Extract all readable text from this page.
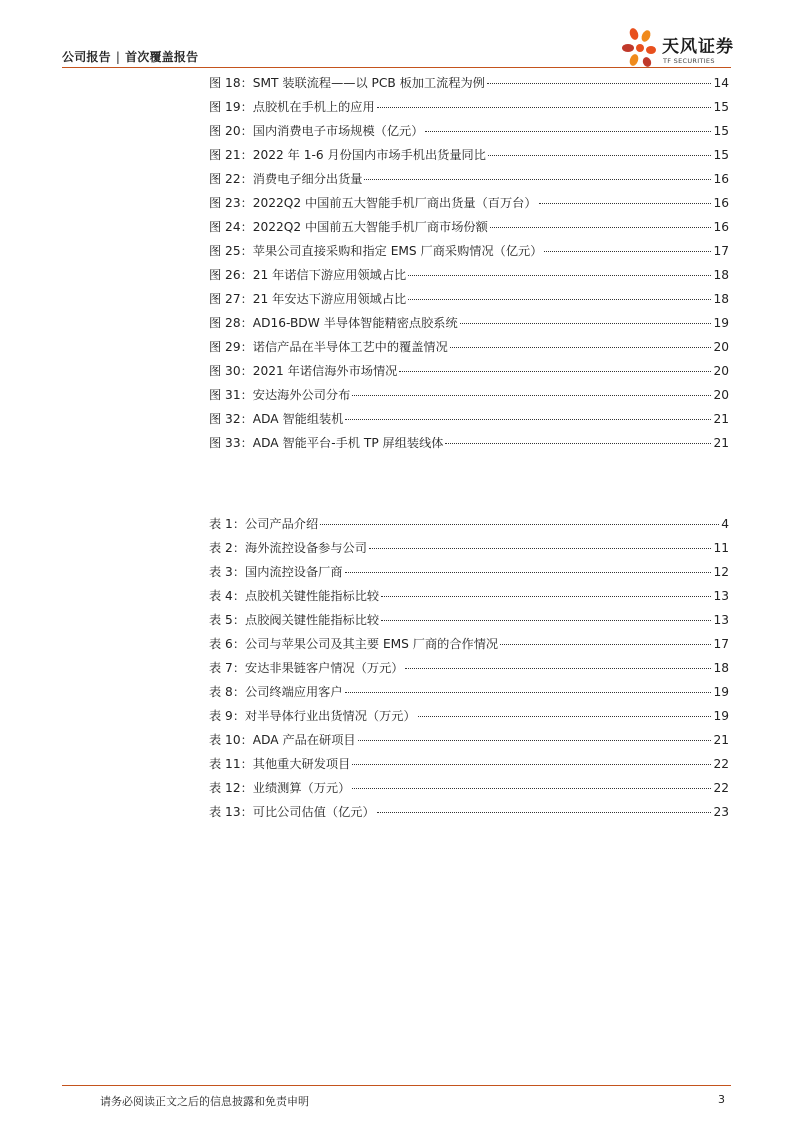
公司报告 | 首次覆盖报告	天风证券
TF SECURITIES
图 18：SMT 装联流程——以 PCB 板加工流程为例	14
图 19：点胶机在手机上的应用	15
图 20：国内消费电子市场规模（亿元）	15
图 21：2022 年 1-6 月份国内市场手机出货量同比	15
图 22：消费电子细分出货量	16
图 23：2022Q2 中国前五大智能手机厂商出货量（百万台）	16
图 24：2022Q2 中国前五大智能手机厂商市场份额	16
图 25：苹果公司直接采购和指定 EMS 厂商采购情况（亿元）	17
图 26：21 年诺信下游应用领域占比	18
图 27：21 年安达下游应用领域占比	18
图 28：AD16-BDW 半导体智能精密点胶系统	19
图 29：诺信产品在半导体工艺中的覆盖情况	20
图 30：2021 年诺信海外市场情况	20
图 31：安达海外公司分布	20
图 32：ADA 智能组装机	21
图 33：ADA 智能平台-手机 TP 屏组装线体	21
表 1：公司产品介绍	4
表 2：海外流控设备参与公司	11
表 3：国内流控设备厂商	12
表 4：点胶机关键性能指标比较	13
表 5：点胶阀关键性能指标比较	13
表 6：公司与苹果公司及其主要 EMS 厂商的合作情况	17
表 7：安达非果链客户情况（万元）	18
表 8：公司终端应用客户	19
表 9：对半导体行业出货情况（万元）	19
表 10：ADA 产品在研项目	21
表 11：其他重大研发项目	22
表 12：业绩测算（万元）	22
表 13：可比公司估值（亿元）	23
请务必阅读正文之后的信息披露和免责申明	3
